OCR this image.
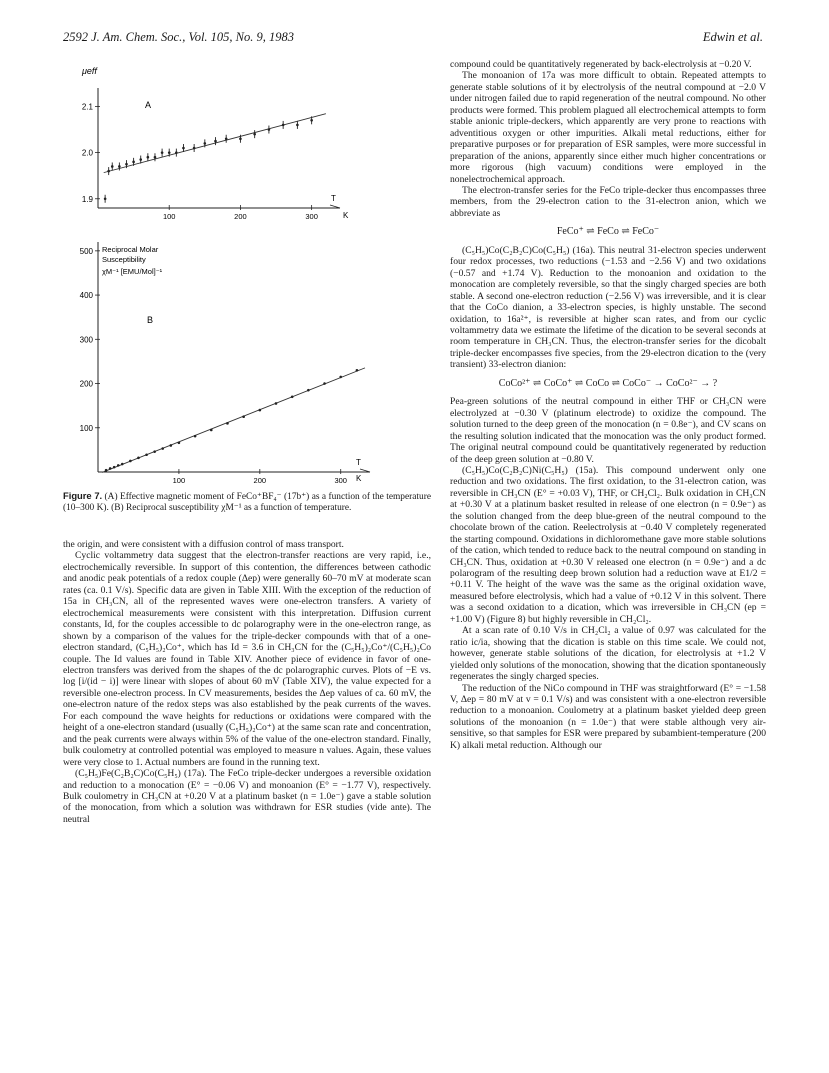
2592 J. Am. Chem. Soc., Vol. 105, No. 9, 1983	Edwin et al.
μeff
A
T
K
1.9
2.0
2.1
100	200	300
Reciprocal Molar
Susceptibility
χM⁻¹ [EMU/Mol]⁻¹
B
T
K
100
200
300
400
500
100	200	300
Figure 7. (A) Effective magnetic moment of FeCo⁺BF₄⁻ (17b⁺) as a function of the temperature (10–300 K). (B) Reciprocal susceptibility χM⁻¹ as a function of temperature.

the origin, and were consistent with a diffusion control of mass transport.

Cyclic voltammetry data suggest that the electron-transfer reactions are very rapid, i.e., electrochemically reversible. In support of this contention, the differences between cathodic and anodic peak potentials of a redox couple (Δep) were generally 60–70 mV at moderate scan rates (ca. 0.1 V/s). Specific data are given in Table XIII. With the exception of the reduction of 15a in CH₃CN, all of the represented waves were one-electron transfers. A variety of electrochemical measurements were consistent with this interpretation. Diffusion current constants, Id, for the couples accessible to dc polarography were in the one-electron range, as shown by a comparison of the values for the triple-decker compounds with that of a one-electron standard, (C₅H₅)₂Co⁺, which has Id = 3.6 in CH₃CN for the (C₅H₅)₂Co⁺/(C₅H₅)₂Co couple. The Id values are found in Table XIV. Another piece of evidence in favor of one-electron transfers was derived from the shapes of the dc polarographic curves. Plots of −E vs. log [i/(id − i)] were linear with slopes of about 60 mV (Table XIV), the value expected for a reversible one-electron process. In CV measurements, besides the Δep values of ca. 60 mV, the one-electron nature of the redox steps was also established by the peak currents of the waves. For each compound the wave heights for reductions or oxidations were compared with the height of a one-electron standard (usually (C₅H₅)₂Co⁺) at the same scan rate and concentration, and the peak currents were always within 5% of the value of the one-electron standard. Finally, bulk coulometry at controlled potential was employed to measure n values. Again, these values were very close to 1. Actual numbers are found in the running text.

(C₅H₅)Fe(C₂B₂C)Co(C₅H₅) (17a). The FeCo triple-decker undergoes a reversible oxidation and reduction to a monocation (E° = −0.06 V) and monoanion (E° = −1.77 V), respectively. Bulk coulometry in CH₃CN at +0.20 V at a platinum basket (n = 1.0e⁻) gave a stable solution of the monocation, from which a solution was withdrawn for ESR studies (vide ante). The neutral

compound could be quantitatively regenerated by back-electrolysis at −0.20 V.

The monoanion of 17a was more difficult to obtain. Repeated attempts to generate stable solutions of it by electrolysis of the neutral compound at −2.0 V under nitrogen failed due to rapid regeneration of the neutral compound. No other products were formed. This problem plagued all electrochemical attempts to form stable anionic triple-deckers, which apparently are very prone to reactions with adventitious oxygen or other impurities. Alkali metal reductions, either for preparative purposes or for preparation of ESR samples, were more successful in preparation of the anions, apparently since either much higher concentrations or more rigorous (high vacuum) conditions were employed in the nonelectrochemical approach.

The electron-transfer series for the FeCo triple-decker thus encompasses three members, from the 29-electron cation to the 31-electron anion, which we abbreviate as

FeCo⁺ ⇌ FeCo ⇌ FeCo⁻

(C₅H₅)Co(C₂B₂C)Co(C₅H₅) (16a). This neutral 31-electron species underwent four redox processes, two reductions (−1.53 and −2.56 V) and two oxidations (−0.57 and +1.74 V). Reduction to the monoanion and oxidation to the monocation are completely reversible, so that the singly charged species are both stable. A second one-electron reduction (−2.56 V) was irreversible, and it is clear that the CoCo dianion, a 33-electron species, is highly unstable. The second oxidation, to 16a²⁺, is reversible at higher scan rates, and from our cyclic voltammetry data we estimate the lifetime of the dication to be several seconds at room temperature in CH₃CN. Thus, the electron-transfer series for the dicobalt triple-decker encompasses five species, from the 29-electron dication to the (very transient) 33-electron dianion:

CoCo²⁺ ⇌ CoCo⁺ ⇌ CoCo ⇌ CoCo⁻ → CoCo²⁻ → ?

Pea-green solutions of the neutral compound in either THF or CH₃CN were electrolyzed at −0.30 V (platinum electrode) to oxidize the compound. The solution turned to the deep green of the monocation (n = 0.8e⁻), and CV scans on the resulting solution indicated that the monocation was the only product formed. The original neutral compound could be quantitatively regenerated by reduction of the deep green solution at −0.80 V.

(C₅H₅)Co(C₂B₂C)Ni(C₅H₅) (15a). This compound underwent only one reduction and two oxidations. The first oxidation, to the 31-electron cation, was reversible in CH₃CN (E° = +0.03 V), THF, or CH₂Cl₂. Bulk oxidation in CH₃CN at +0.30 V at a platinum basket resulted in release of one electron (n = 0.9e⁻) as the solution changed from the deep blue-green of the neutral compound to the chocolate brown of the cation. Reelectrolysis at −0.40 V completely regenerated the starting compound. Oxidations in dichloromethane gave more stable solutions of the cation, which tended to reduce back to the neutral compound on standing in CH₃CN. Thus, oxidation at +0.30 V released one electron (n = 0.9e⁻) and a dc polarogram of the resulting deep brown solution had a reduction wave at E1/2 = +0.11 V. The height of the wave was the same as the original oxidation wave, measured before electrolysis, which had a value of +0.12 V in this solvent. There was a second oxidation to a dication, which was irreversible in CH₃CN (ep = +1.00 V) (Figure 8) but highly reversible in CH₂Cl₂.

At a scan rate of 0.10 V/s in CH₂Cl₂ a value of 0.97 was calculated for the ratio ic/ia, showing that the dication is stable on this time scale. We could not, however, generate stable solutions of the dication, for electrolysis at +1.2 V yielded only solutions of the monocation, showing that the dication spontaneously regenerates the singly charged species.

The reduction of the NiCo compound in THF was straightforward (E° = −1.58 V, Δep = 80 mV at v = 0.1 V/s) and was consistent with a one-electron reversible reduction to a monoanion. Coulometry at a platinum basket yielded deep green solutions of the monoanion (n = 1.0e⁻) that were stable although very air-sensitive, so that samples for ESR were prepared by subambient-temperature (200 K) alkali metal reduction. Although our
